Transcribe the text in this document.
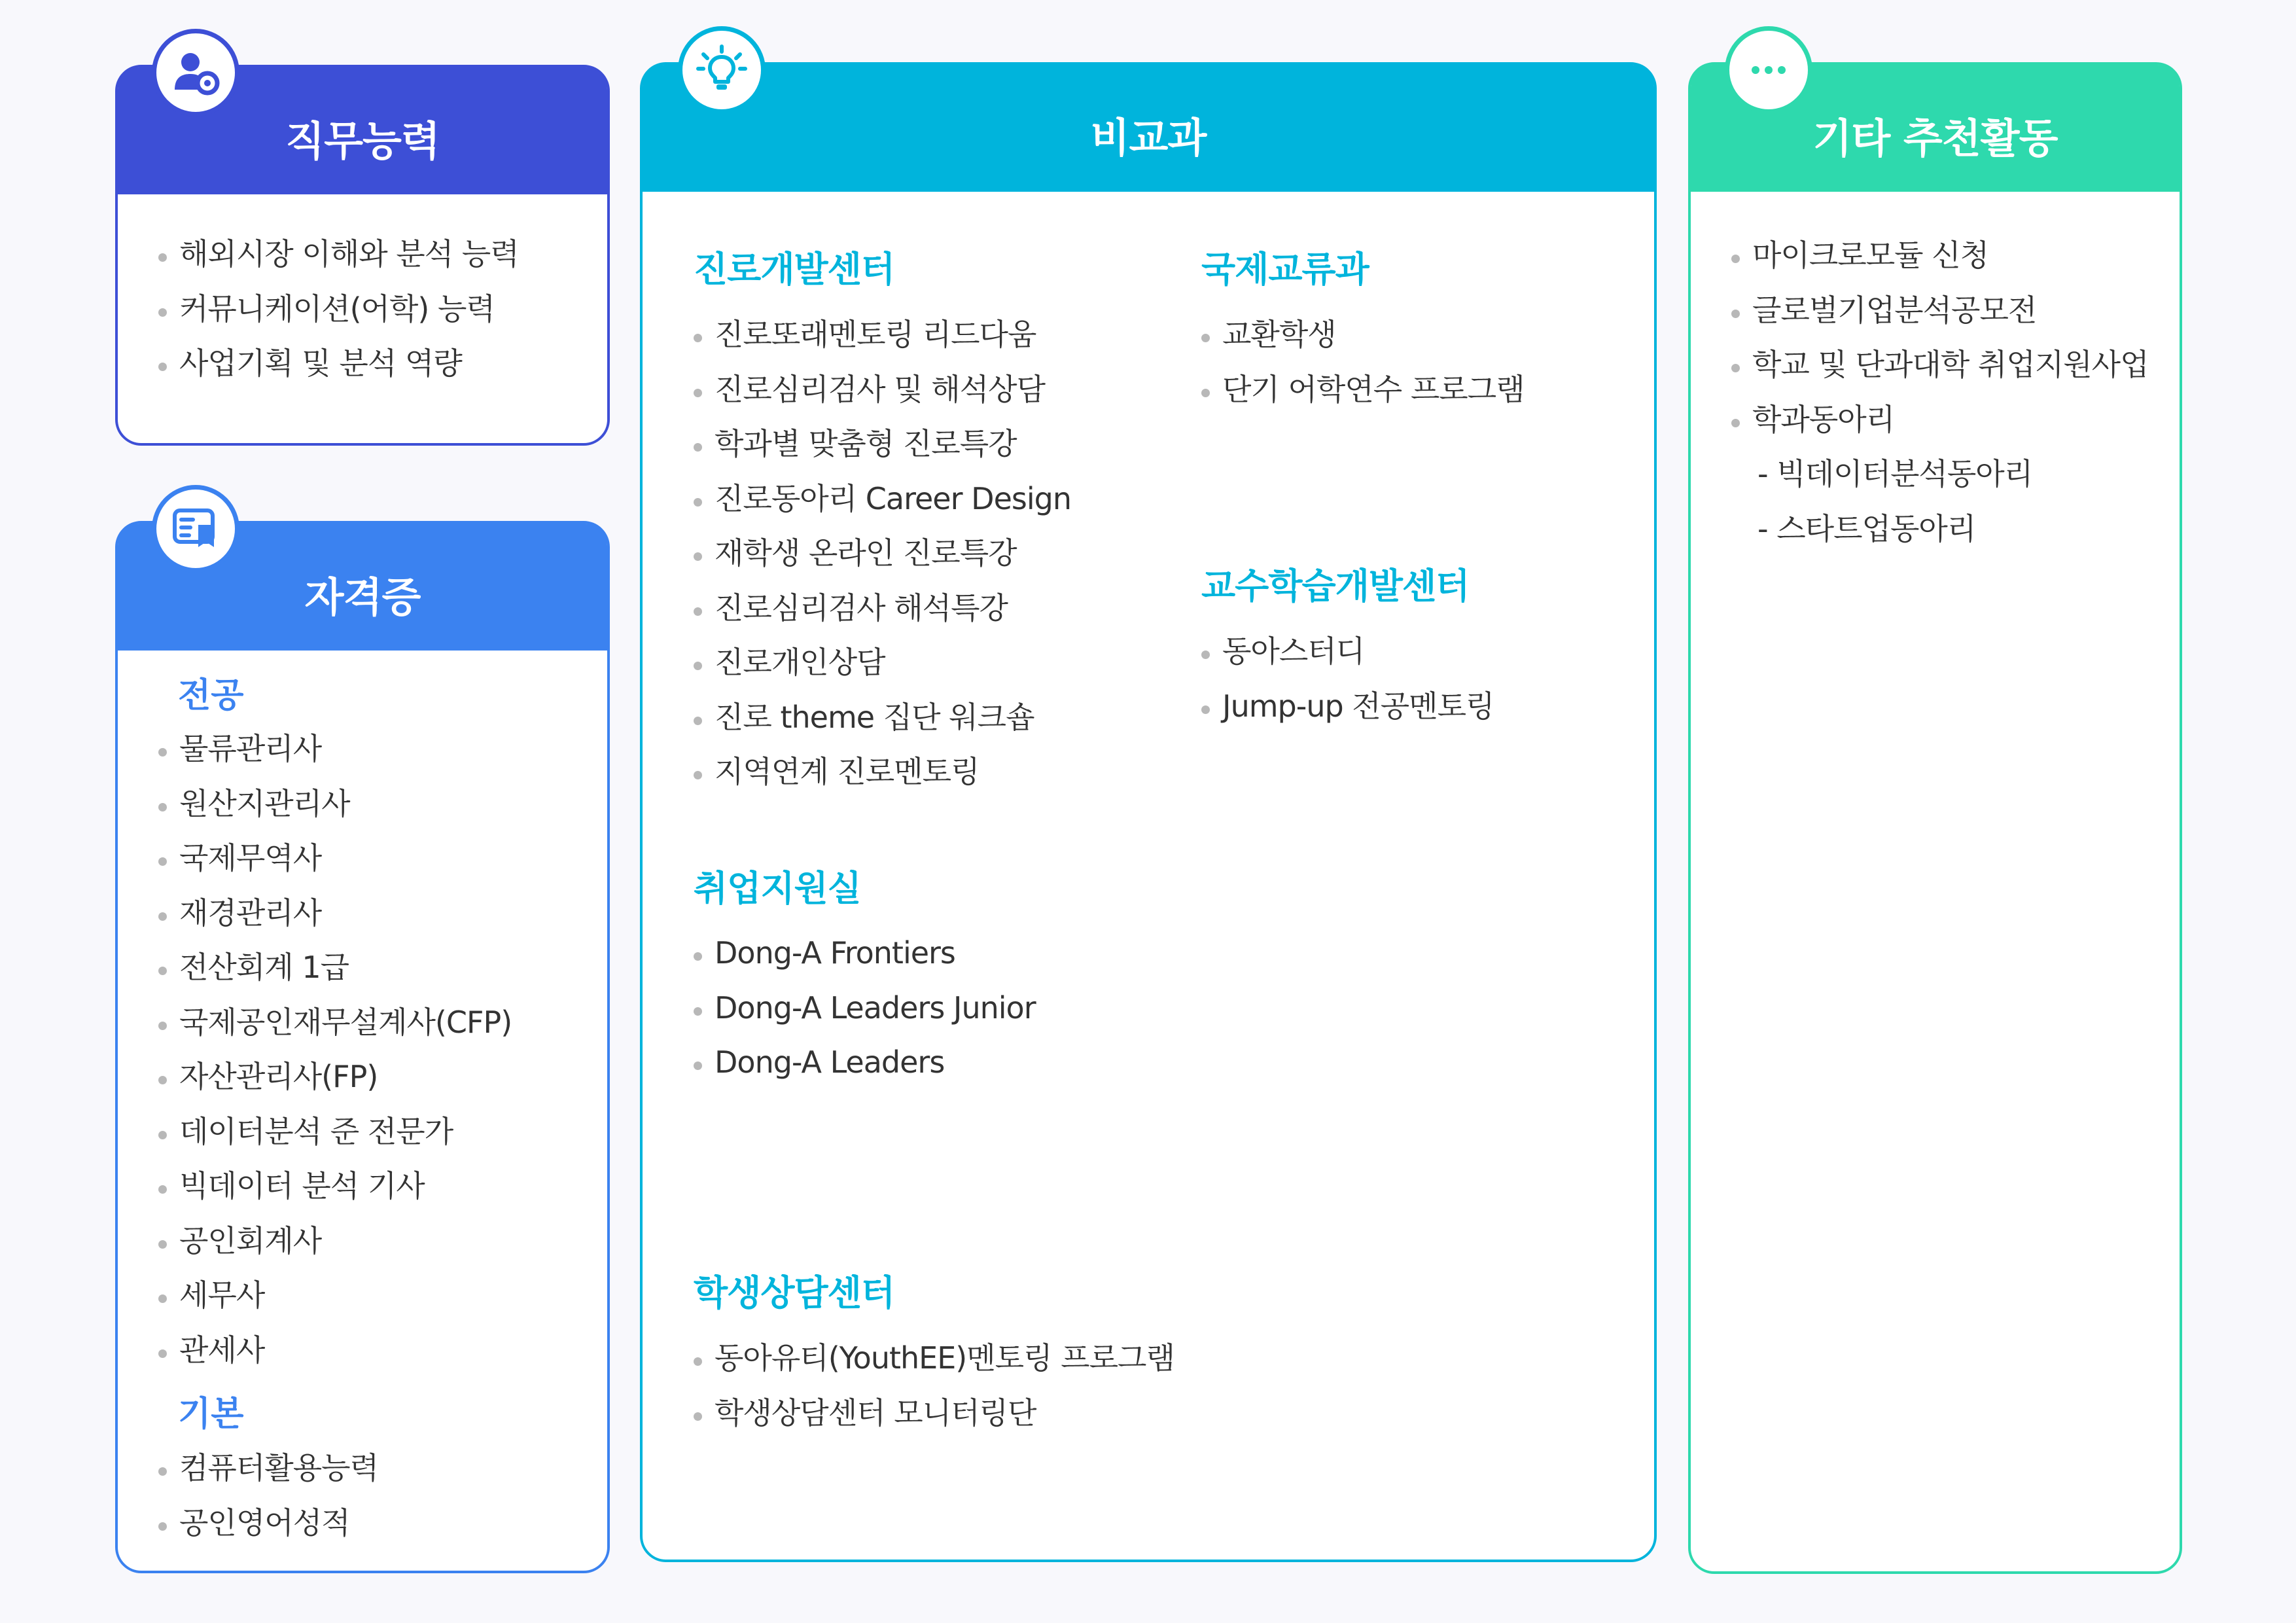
직무능력
해외시장 이해와 분석 능력
커뮤니케이션(어학) 능력
사업기획 및 분석 역량
자격증
전공
물류관리사
원산지관리사
국제무역사
재경관리사
전산회계 1급
국제공인재무설계사(CFP)
자산관리사(FP)
데이터분석 준 전문가
빅데이터 분석 기사
공인회계사
세무사
관세사
기본
컴퓨터활용능력
공인영어성적
비교과
진로개발센터
진로또래멘토링 리드다움
진로심리검사 및 해석상담
학과별 맞춤형 진로특강
진로동아리 Career Design
재학생 온라인 진로특강
진로심리검사 해석특강
진로개인상담
진로 theme 집단 워크숍
지역연계 진로멘토링
취업지원실
Dong-A Frontiers
Dong-A Leaders Junior
Dong-A Leaders
학생상담센터
동아유티(YouthEE)멘토링 프로그램
학생상담센터 모니터링단
국제교류과
교환학생
단기 어학연수 프로그램
교수학습개발센터
동아스터디
Jump-up 전공멘토링
기타 추천활동
마이크로모듈 신청
글로벌기업분석공모전
학교 및 단과대학 취업지원사업
학과동아리
- 빅데이터분석동아리
- 스타트업동아리
